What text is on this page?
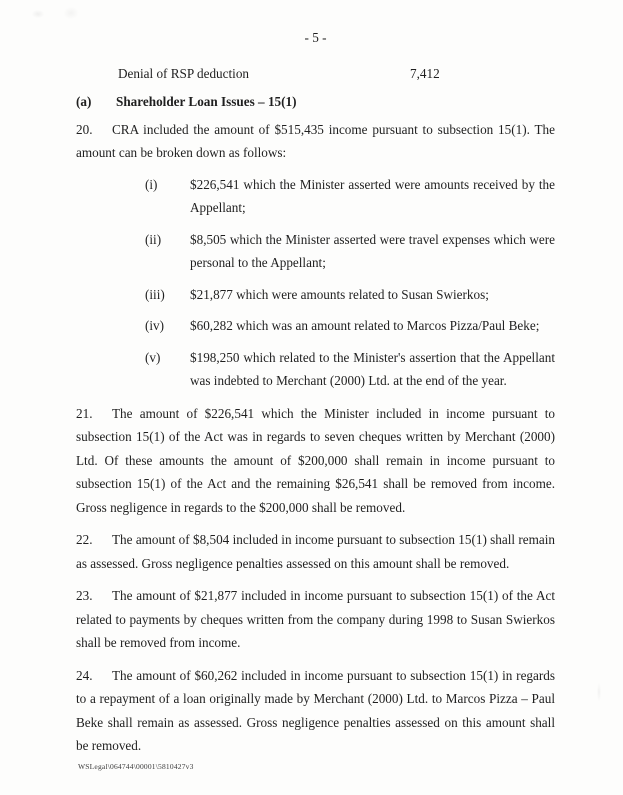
- 5 -
Denial of RSP deduction	7,412
(a) Shareholder Loan Issues – 15(1)

20. CRA included the amount of $515,435 income pursuant to subsection 15(1). The amount can be broken down as follows:

(i) $226,541 which the Minister asserted were amounts received by the Appellant;
(ii) $8,505 which the Minister asserted were travel expenses which were personal to the Appellant;
(iii) $21,877 which were amounts related to Susan Swierkos;
(iv) $60,282 which was an amount related to Marcos Pizza/Paul Beke;
(v) $198,250 which related to the Minister's assertion that the Appellant was indebted to Merchant (2000) Ltd. at the end of the year.

21. The amount of $226,541 which the Minister included in income pursuant to subsection 15(1) of the Act was in regards to seven cheques written by Merchant (2000) Ltd. Of these amounts the amount of $200,000 shall remain in income pursuant to subsection 15(1) of the Act and the remaining $26,541 shall be removed from income. Gross negligence in regards to the $200,000 shall be removed.

22. The amount of $8,504 included in income pursuant to subsection 15(1) shall remain as assessed. Gross negligence penalties assessed on this amount shall be removed.

23. The amount of $21,877 included in income pursuant to subsection 15(1) of the Act related to payments by cheques written from the company during 1998 to Susan Swierkos shall be removed from income.

24. The amount of $60,262 included in income pursuant to subsection 15(1) in regards to a repayment of a loan originally made by Merchant (2000) Ltd. to Marcos Pizza – Paul Beke shall remain as assessed. Gross negligence penalties assessed on this amount shall be removed.

WSLegal\064744\00001\5810427v3
